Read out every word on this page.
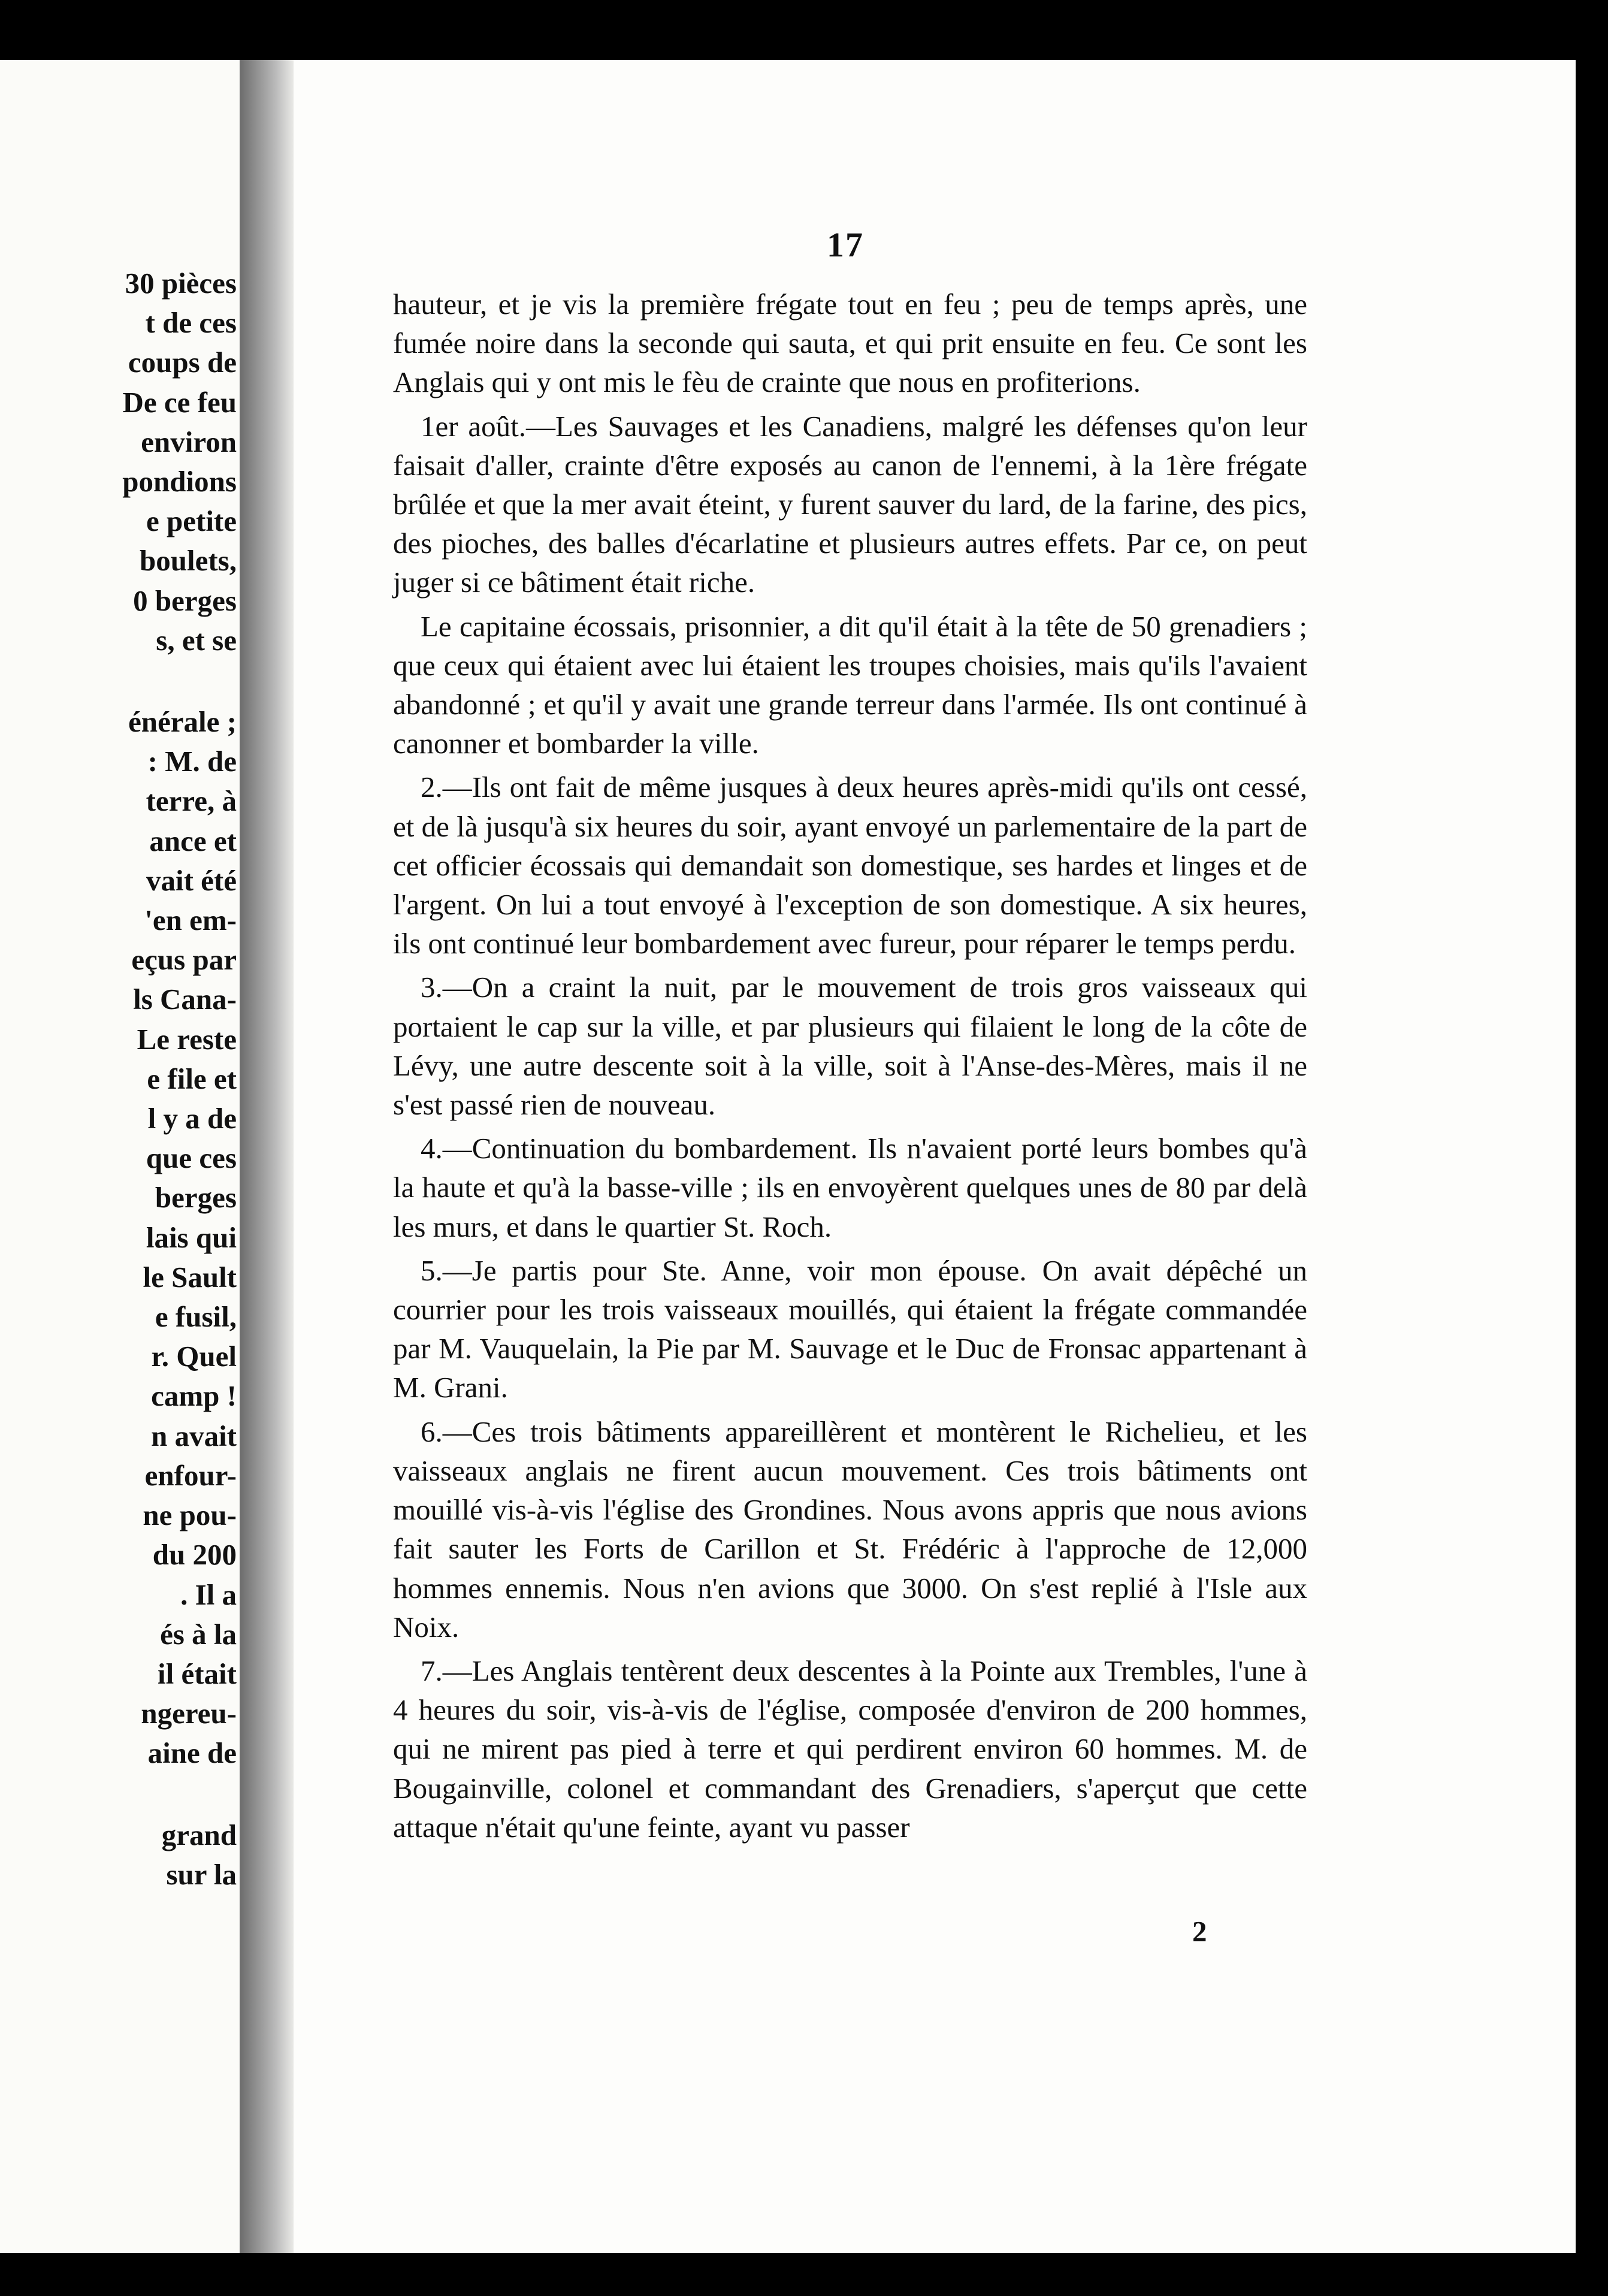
30 pièces
t de ces
coups de
De ce feu
environ
pondions
e petite
boulets,
0 berges
s, et se
énérale ;
: M. de
terre, à
ance et
vait été
'en em-
eçus par
ls Cana-
Le reste
e file et
l y a de
que ces
berges
lais qui
le Sault
e fusil,
r. Quel
camp !
n avait
enfour-
ne pou-
du 200
. Il a
és à la
il était
ngereu-
aine de
grand
sur la
17

hauteur, et je vis la première frégate tout en feu ; peu de temps après, une fumée noire dans la seconde qui sauta, et qui prit ensuite en feu. Ce sont les Anglais qui y ont mis le fèu de crainte que nous en profiterions.

1er août.—Les Sauvages et les Canadiens, malgré les défenses qu'on leur faisait d'aller, crainte d'être exposés au canon de l'ennemi, à la 1ère frégate brûlée et que la mer avait éteint, y furent sauver du lard, de la farine, des pics, des pioches, des balles d'écarlatine et plusieurs autres effets. Par ce, on peut juger si ce bâtiment était riche.

Le capitaine écossais, prisonnier, a dit qu'il était à la tête de 50 grenadiers ; que ceux qui étaient avec lui étaient les troupes choisies, mais qu'ils l'avaient abandonné ; et qu'il y avait une grande terreur dans l'armée. Ils ont continué à canonner et bombarder la ville.

2.—Ils ont fait de même jusques à deux heures après-midi qu'ils ont cessé, et de là jusqu'à six heures du soir, ayant envoyé un parlementaire de la part de cet officier écossais qui demandait son domestique, ses hardes et linges et de l'argent. On lui a tout envoyé à l'exception de son domestique. A six heures, ils ont continué leur bombardement avec fureur, pour réparer le temps perdu.

3.—On a craint la nuit, par le mouvement de trois gros vaisseaux qui portaient le cap sur la ville, et par plusieurs qui filaient le long de la côte de Lévy, une autre descente soit à la ville, soit à l'Anse-des-Mères, mais il ne s'est passé rien de nouveau.

4.—Continuation du bombardement. Ils n'avaient porté leurs bombes qu'à la haute et qu'à la basse-ville ; ils en envoyèrent quelques unes de 80 par delà les murs, et dans le quartier St. Roch.

5.—Je partis pour Ste. Anne, voir mon épouse. On avait dépêché un courrier pour les trois vaisseaux mouillés, qui étaient la frégate commandée par M. Vauquelain, la Pie par M. Sauvage et le Duc de Fronsac appartenant à M. Grani.

6.—Ces trois bâtiments appareillèrent et montèrent le Richelieu, et les vaisseaux anglais ne firent aucun mouvement. Ces trois bâtiments ont mouillé vis-à-vis l'église des Grondines. Nous avons appris que nous avions fait sauter les Forts de Carillon et St. Frédéric à l'approche de 12,000 hommes ennemis. Nous n'en avions que 3000. On s'est replié à l'Isle aux Noix.

7.—Les Anglais tentèrent deux descentes à la Pointe aux Trembles, l'une à 4 heures du soir, vis-à-vis de l'église, composée d'environ de 200 hommes, qui ne mirent pas pied à terre et qui perdirent environ 60 hommes. M. de Bougainville, colonel et commandant des Grenadiers, s'aperçut que cette attaque n'était qu'une feinte, ayant vu passer

2
